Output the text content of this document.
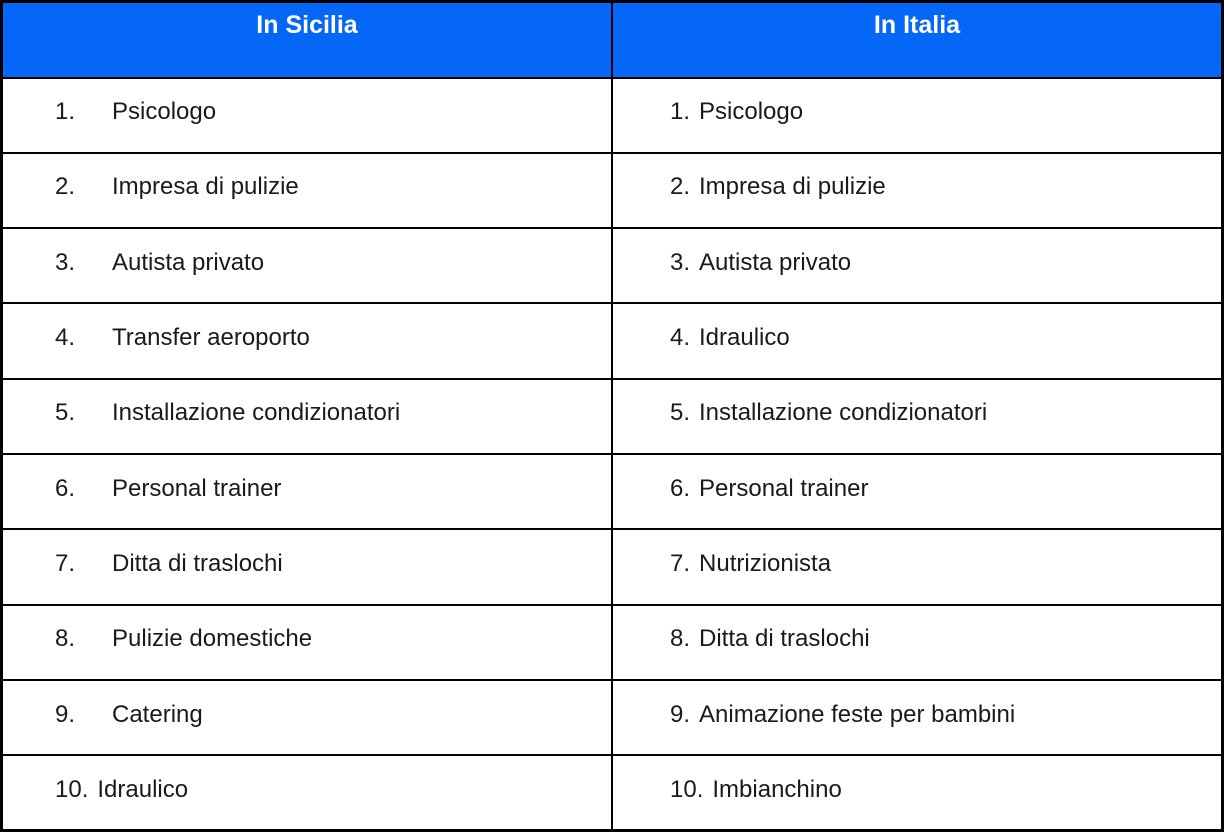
In Sicilia	In Italia
1. Psicologo	1. Psicologo
2. Impresa di pulizie	2. Impresa di pulizie
3. Autista privato	3. Autista privato
4. Transfer aeroporto	4. Idraulico
5. Installazione condizionatori	5. Installazione condizionatori
6. Personal trainer	6. Personal trainer
7. Ditta di traslochi	7. Nutrizionista
8. Pulizie domestiche	8. Ditta di traslochi
9. Catering	9. Animazione feste per bambini
10. Idraulico	10. Imbianchino
